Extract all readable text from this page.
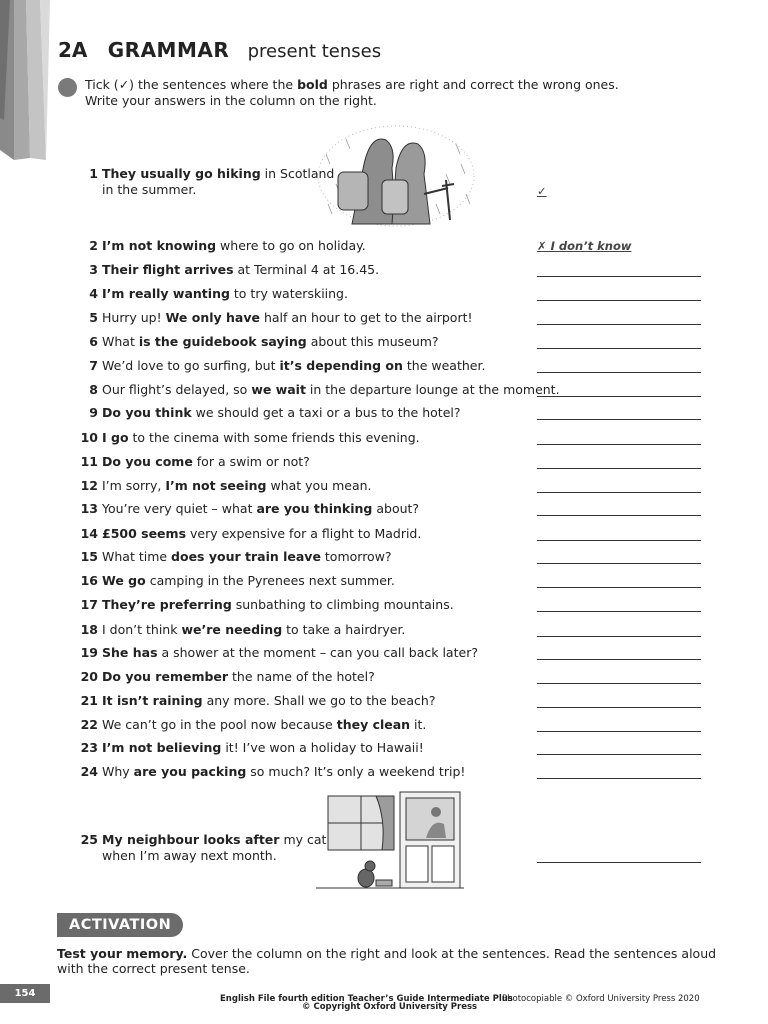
2A GRAMMAR present tenses
Tick (✓) the sentences where the bold phrases are right and correct the wrong ones.
Write your answers in the column on the right.
1 They usually go hiking in Scotland
in the summer.	✓
2 I’m not knowing where to go on holiday.	✗ I don’t know
3 Their flight arrives at Terminal 4 at 16.45.
4 I’m really wanting to try waterskiing.
5 Hurry up! We only have half an hour to get to the airport!
6 What is the guidebook saying about this museum?
7 We’d love to go surfing, but it’s depending on the weather.
8 Our flight’s delayed, so we wait in the departure lounge at the moment.
9 Do you think we should get a taxi or a bus to the hotel?
10 I go to the cinema with some friends this evening.
11 Do you come for a swim or not?
12 I’m sorry, I’m not seeing what you mean.
13 You’re very quiet – what are you thinking about?
14 £500 seems very expensive for a flight to Madrid.
15 What time does your train leave tomorrow?
16 We go camping in the Pyrenees next summer.
17 They’re preferring sunbathing to climbing mountains.
18 I don’t think we’re needing to take a hairdryer.
19 She has a shower at the moment – can you call back later?
20 Do you remember the name of the hotel?
21 It isn’t raining any more. Shall we go to the beach?
22 We can’t go in the pool now because they clean it.
23 I’m not believing it! I’ve won a holiday to Hawaii!
24 Why are you packing so much? It’s only a weekend trip!
25 My neighbour looks after my cat
when I’m away next month.
ACTIVATION
Test your memory. Cover the column on the right and look at the sentences. Read the sentences aloud with the correct present tense.
154	English File fourth edition Teacher’s Guide Intermediate Plus
Photocopiable © Oxford University Press 2020
© Copyright Oxford University Press
